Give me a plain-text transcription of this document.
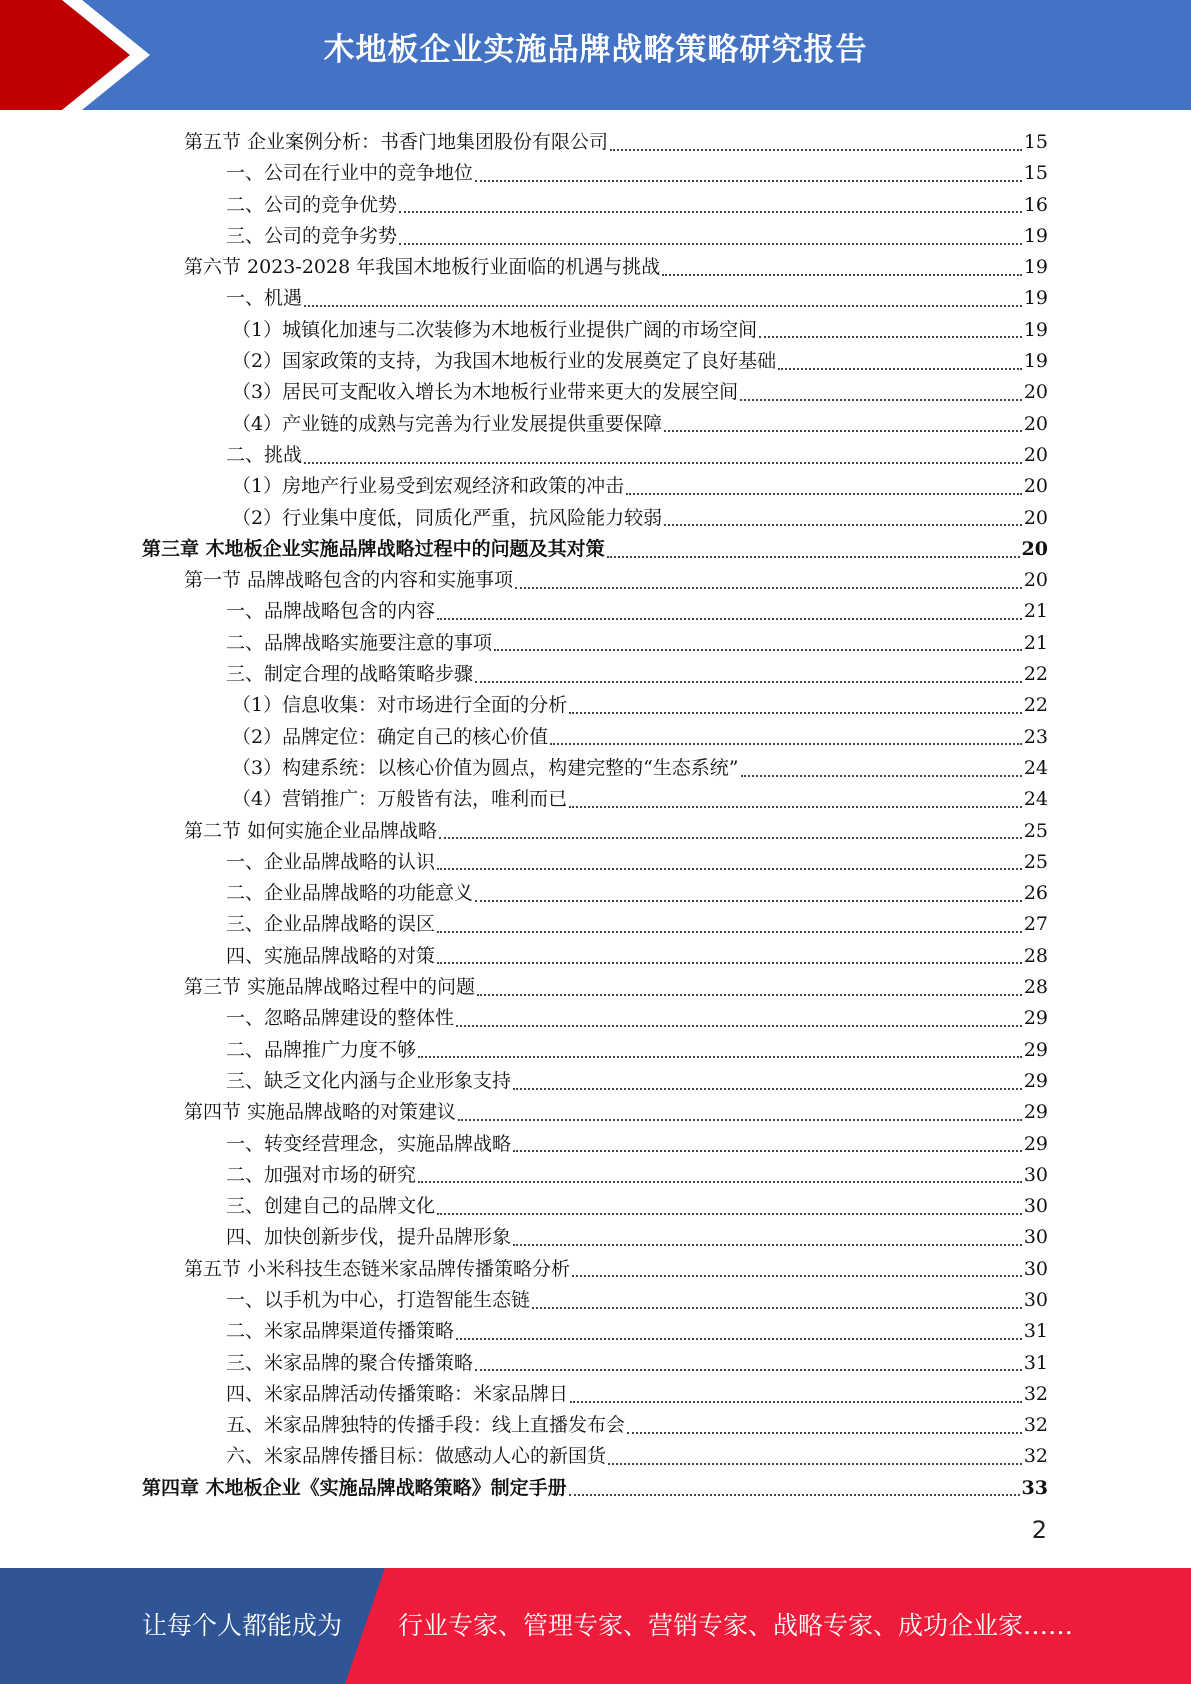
木地板企业实施品牌战略策略研究报告
第五节 企业案例分析：书香门地集团股份有限公司	15
一、公司在行业中的竞争地位	15
二、公司的竞争优势	16
三、公司的竞争劣势	19
第六节 2023-2028 年我国木地板行业面临的机遇与挑战	19
一、机遇	19
（1）城镇化加速与二次装修为木地板行业提供广阔的市场空间	19
（2）国家政策的支持，为我国木地板行业的发展奠定了良好基础	19
（3）居民可支配收入增长为木地板行业带来更大的发展空间	20
（4）产业链的成熟与完善为行业发展提供重要保障	20
二、挑战	20
（1）房地产行业易受到宏观经济和政策的冲击	20
（2）行业集中度低，同质化严重，抗风险能力较弱	20
第三章 木地板企业实施品牌战略过程中的问题及其对策	20
第一节 品牌战略包含的内容和实施事项	20
一、品牌战略包含的内容	21
二、品牌战略实施要注意的事项	21
三、制定合理的战略策略步骤	22
（1）信息收集：对市场进行全面的分析	22
（2）品牌定位：确定自己的核心价值	23
（3）构建系统：以核心价值为圆点，构建完整的“生态系统”	24
（4）营销推广：万般皆有法，唯利而已	24
第二节 如何实施企业品牌战略	25
一、企业品牌战略的认识	25
二、企业品牌战略的功能意义	26
三、企业品牌战略的误区	27
四、实施品牌战略的对策	28
第三节 实施品牌战略过程中的问题	28
一、忽略品牌建设的整体性	29
二、品牌推广力度不够	29
三、缺乏文化内涵与企业形象支持	29
第四节 实施品牌战略的对策建议	29
一、转变经营理念，实施品牌战略	29
二、加强对市场的研究	30
三、创建自己的品牌文化	30
四、加快创新步伐，提升品牌形象	30
第五节 小米科技生态链米家品牌传播策略分析	30
一、以手机为中心，打造智能生态链	30
二、米家品牌渠道传播策略	31
三、米家品牌的聚合传播策略	31
四、米家品牌活动传播策略：米家品牌日	32
五、米家品牌独特的传播手段：线上直播发布会	32
六、米家品牌传播目标：做感动人心的新国货	32
第四章 木地板企业《实施品牌战略策略》制定手册	33
2
让每个人都能成为 行业专家、管理专家、营销专家、战略专家、成功企业家……
